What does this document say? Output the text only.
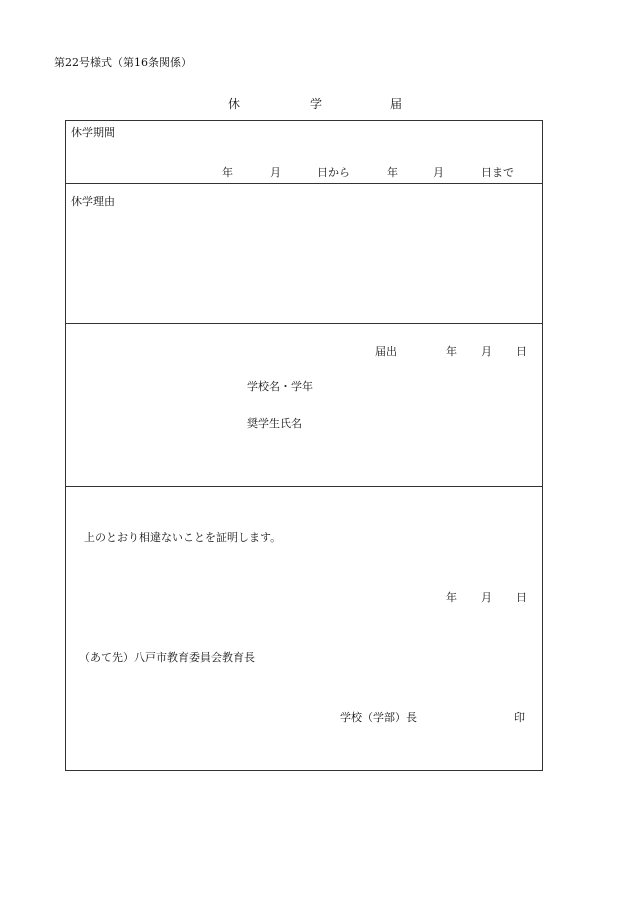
第22号様式（第16条関係）
休	学	届
休学期間
年	月	日から	年	月	日まで
休学理由
届出	年 月 日
学校名・学年
奨学生氏名
上のとおり相違ないことを証明します。
年 月 日
（あて先）八戸市教育委員会教育長
学校（学部）長	印
